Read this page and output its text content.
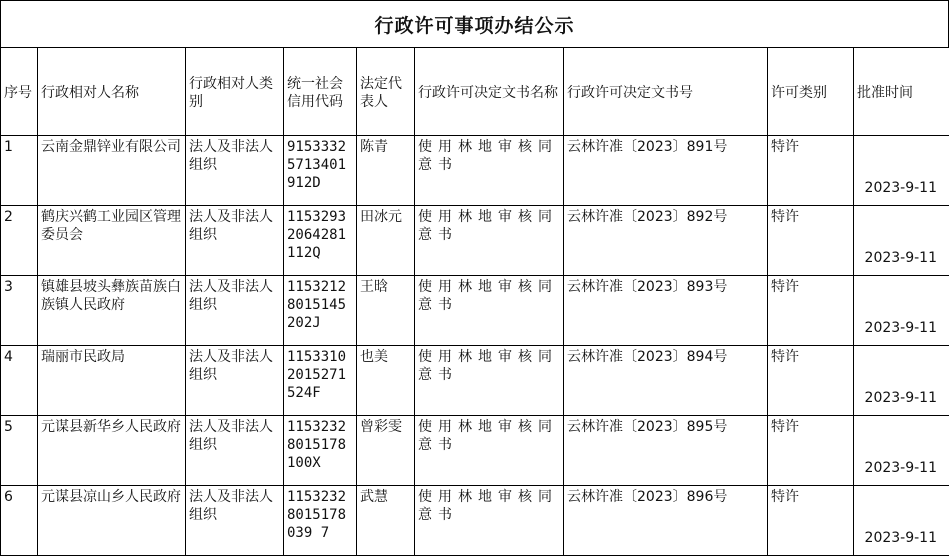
行政许可事项办结公示
序号	行政相对人名称	行政相对人类别	统一社会信用代码	法定代表人	行政许可决定文书名称	行政许可决定文书号	许可类别	批准时间
1	云南金鼎锌业有限公司	法人及非法人组织	91533325713401912D	陈青	使用林地审核同意书	云林许准〔2023〕891号	特许	2023-9-11
2	鹤庆兴鹤工业园区管理委员会	法人及非法人组织	115329320642811​12Q	田冰元	使用林地审核同意书	云林许准〔2023〕892号	特许	2023-9-11
3	镇雄县坡头彝族苗族白族镇人民政府	法人及非法人组织	11532128015145202J	王晗	使用林地审核同意书	云林许准〔2023〕893号	特许	2023-9-11
4	瑞丽市民政局	法人及非法人组织	11533102015271524F	也美	使用林地审核同意书	云林许准〔2023〕894号	特许	2023-9-11
5	元谋县新华乡人民政府	法人及非法人组织	11532328015178100X	曾彩雯	使用林地审核同意书	云林许准〔2023〕895号	特许	2023-9-11
6	元谋县凉山乡人民政府	法人及非法人组织	11532328015178039 7	武慧	使用林地审核同意书	云林许准〔2023〕896号	特许	2023-9-11
